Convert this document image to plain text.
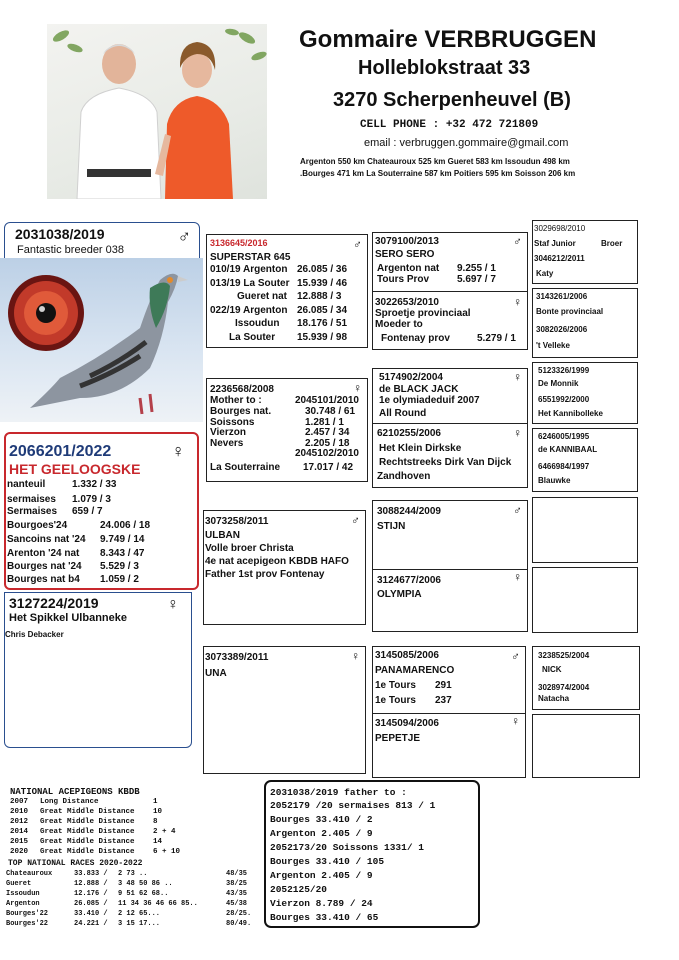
Gommaire VERBRUGGEN
Holleblokstraat 33
3270 Scherpenheuvel (B)
CELL PHONE : +32 472 721809
email : verbruggen.gommaire@gmail.com
Argenton 550 km Chateauroux 525 km Gueret 583 km Issoudun 498 km
.Bourges 471 km La Souterraine 587 km Poitiers 595 km Soisson 206 km
2031038/2019
Fantastic breeder 038
♂
2066201/2022
HET GEELOOGSKE
♀
nanteuil	1.332 / 33
sermaises 1.079 / 3
Sermaises 659 / 7
Bourgoes'24	24.006 / 18
Sancoins nat '24 9.749 / 14
Arenton '24 nat 8.343 / 47
Bourges nat '24 5.529 / 3
Bourges nat b4 1.059 / 2
3127224/2019
Het Spikkel Ulbanneke
Chris Debacker
♀
3136645/2016	♂
SUPERSTAR 645
010/19 Argenton 26.085 / 36
013/19 La Souter 15.939 / 46
Gueret nat 12.888 / 3
022/19 Argenton 26.085 / 34
Issoudun 18.176 / 51
La Souter 15.939 / 98
2236568/2008	♀
Mother to :	2045101/2010
Bourges nat.	30.748 / 61
Soissons	1.281 / 1
Vierzon	2.457 / 34
Nevers	2.205 / 18
2045102/2010
La Souterraine 17.017 / 42
3073258/2011	♂
ULBAN
Volle broer Christa
4e nat acepigeon KBDB HAFO
Father 1st prov Fontenay
3073389/2011	♀
UNA
3079100/2013	♂
SERO SERO
Argenton nat 9.255 / 1
Tours Prov	5.697 / 7
3022653/2010	♀
Sproetje provinciaal
Moeder to
Fontenay prov	5.279 / 1
5174902/2004	♀
de BLACK JACK
1e olymiadeduif 2007
All Round
6210255/2006	♀
Het Klein Dirkske
Rechtstreeks Dirk Van Dijck
Zandhoven
3088244/2009	♂
STIJN
3124677/2006	♀
OLYMPIA
3145085/2006	♂
PANAMARENCO
1e Tours 291
1e Tours 237
3145094/2006	♀
PEPETJE
3029698/2010
Staf Junior	Broer
3046212/2011
Katy
3143261/2006
Bonte provinciaal
3082026/2006
't Velleke
5123326/1999
De Monnik
6551992/2000
Het Kannibolleke
6246005/1995
de KANNIBAAL
6466984/1997
Blauwke
3238525/2004
NICK
3028974/2004
Natacha
NATIONAL ACEPIGEONS KBDB
2007 Long Distance	1
2010 Great Middle Distance 10
2012 Great Middle Distance 8
2014 Great Middle Distance 2 + 4
2015 Great Middle Distance 14
2020 Great Middle Distance 6 + 10
TOP NATIONAL RACES 2020-2022
Chateauroux	33.833 / 2 73 ..	48/35
Gueret	12.888 / 3 48 50 86 ..	38/25
Issoudun	12.176 / 9 51 62 68..	43/35
Argenton	26.085 / 11 34 36 46 66 85..	45/38
Bourges'22	33.410 / 2 12 65...	28/25.
Bourges'22	24.221 / 3 15 17...	80/49.
2031038/2019 father to :
2052179 /20 sermaises 813 / 1
Bourges 33.410 / 2
Argenton 2.405 / 9
2052173/20 Soissons 1331/ 1
Bourges 33.410 / 105
Argenton 2.405 / 9
2052125/20
Vierzon 8.789 / 24
Bourges 33.410 / 65
